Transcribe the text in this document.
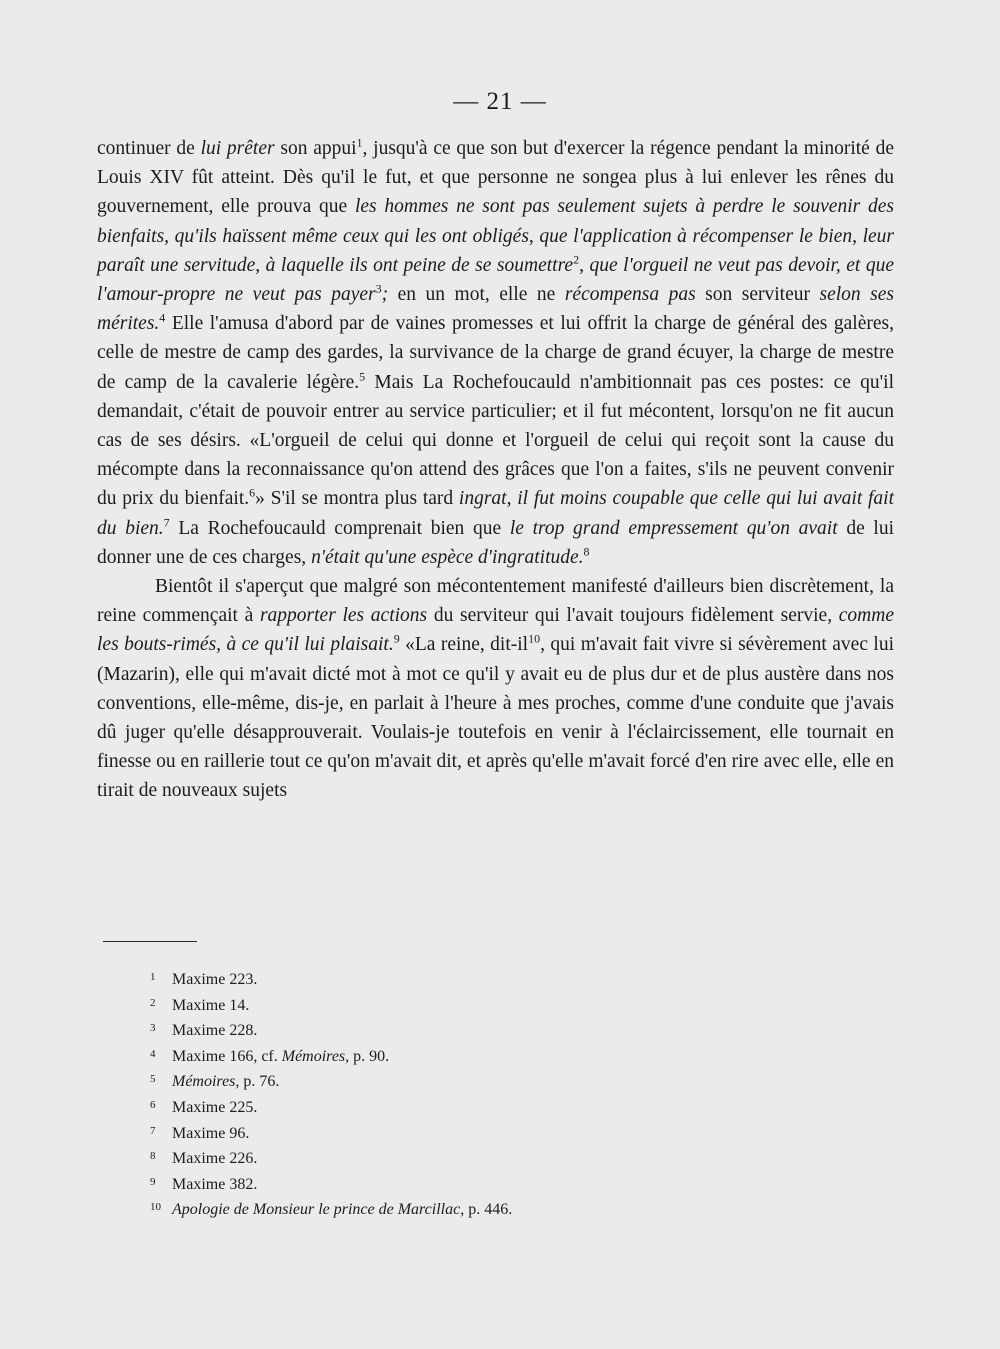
— 21 —

continuer de lui prêter son appui$^1$, jusqu'à ce que son but d'exercer la régence pendant la minorité de Louis XIV fût atteint. Dès qu'il le fut, et que personne ne songea plus à lui enlever les rênes du gouvernement, elle prouva que les hommes ne sont pas seulement sujets à perdre le souvenir des bienfaits, qu'ils haïssent même ceux qui les ont obligés, que l'application à récompenser le bien, leur paraît une servitude, à laquelle ils ont peine de se soumettre$^2$, que l'orgueil ne veut pas devoir, et que l'amour-propre ne veut pas payer$^3$; en un mot, elle ne récompensa pas son serviteur selon ses mérites.$^4$ Elle l'amusa d'abord par de vaines promesses et lui offrit la charge de général des galères, celle de mestre de camp des gardes, la survivance de la charge de grand écuyer, la charge de mestre de camp de la cavalerie légère.$^5$ Mais La Rochefoucauld n'ambitionnait pas ces postes: ce qu'il demandait, c'était de pouvoir entrer au service particulier; et il fut mécontent, lorsqu'on ne fit aucun cas de ses désirs. «L'orgueil de celui qui donne et l'orgueil de celui qui reçoit sont la cause du mécompte dans la reconnaissance qu'on attend des grâces que l'on a faites, s'ils ne peuvent convenir du prix du bienfait.$^6$» S'il se montra plus tard ingrat, il fut moins coupable que celle qui lui avait fait du bien.$^7$ La Rochefoucauld comprenait bien que le trop grand empressement qu'on avait de lui donner une de ces charges, n'était qu'une espèce d'ingratitude.$^8$

Bientôt il s'aperçut que malgré son mécontentement manifesté d'ailleurs bien discrètement, la reine commençait à rapporter les actions du serviteur qui l'avait toujours fidèlement servie, comme les bouts-rimés, à ce qu'il lui plaisait.$^9$ «La reine, dit-$il^{10}$, qui m'avait fait vivre si sévèrement avec lui (Mazarin), elle qui m'avait dicté mot à mot ce qu'il y avait eu de plus dur et de plus austère dans nos conventions, elle-même, dis-je, en parlait à l'heure à mes proches, comme d'une conduite que j'avais dû juger qu'elle désapprouverait. Voulais-je toutefois en venir à l'éclaircissement, elle tournait en finesse ou en raillerie tout ce qu'on m'avait dit, et après qu'elle m'avait forcé d'en rire avec elle, elle en tirait de nouveaux sujets

1 Maxime 223.
2 Maxime 14.
3 Maxime 228.
4 Maxime 166, cf. Mémoires, p. 90.
5 Mémoires, p. 76.
6 Maxime 225.
7 Maxime 96.
8 Maxime 226.
9 Maxime 382.
10 Apologie de Monsieur le prince de Marcillac, p. 446.
